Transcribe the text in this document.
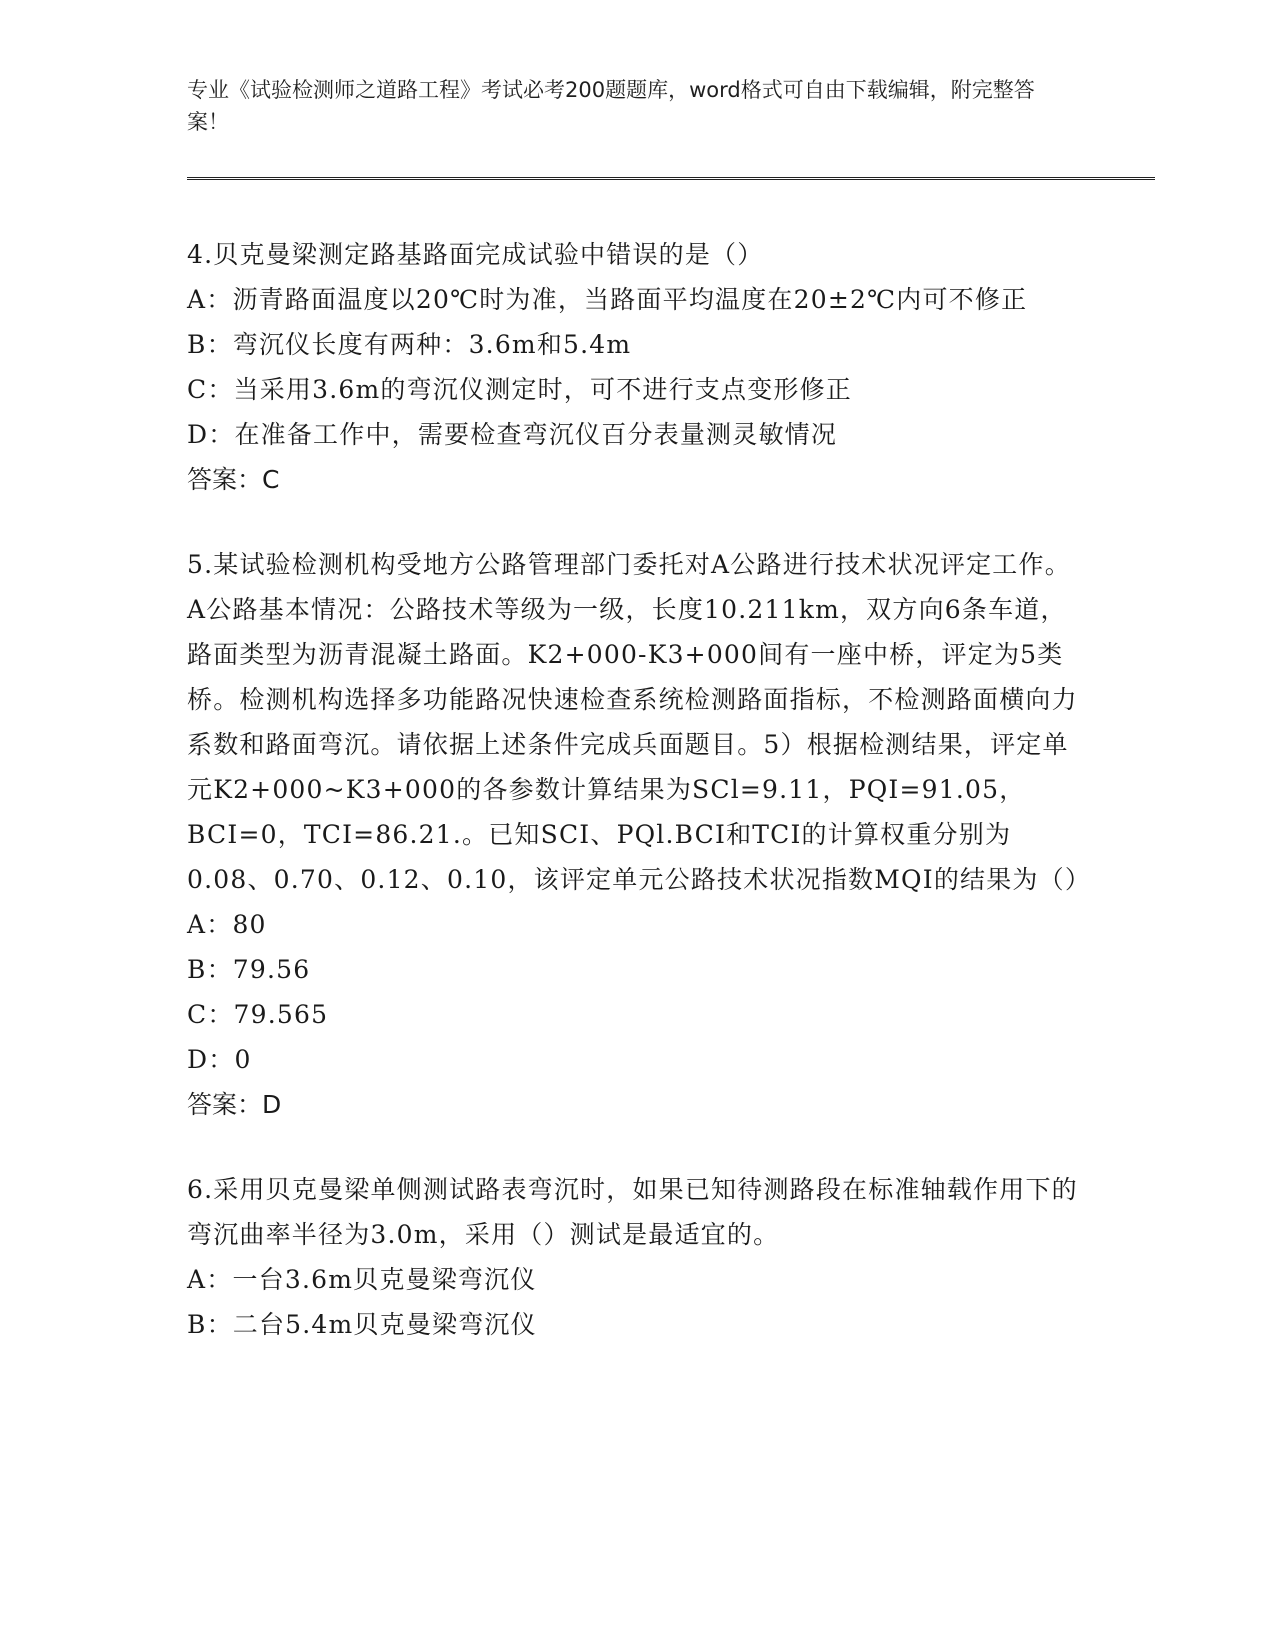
专业《试验检测师之道路工程》考试必考200题题库，word格式可自由下载编辑，附完整答案！

4.贝克曼梁测定路基路面完成试验中错误的是（）

A：沥青路面温度以20℃时为准，当路面平均温度在20±2℃内可不修正

B：弯沉仪长度有两种：3.6m和5.4m

C：当采用3.6m的弯沉仪测定时，可不进行支点变形修正

D：在准备工作中，需要检查弯沉仪百分表量测灵敏情况

答案：C

5.某试验检测机构受地方公路管理部门委托对A公路进行技术状况评定工作。A公路基本情况：公路技术等级为一级，长度10.211km，双方向6条车道，路面类型为沥青混凝土路面。K2+000-K3+000间有一座中桥，评定为5类桥。检测机构选择多功能路况快速检查系统检测路面指标，不检测路面横向力系数和路面弯沉。请依据上述条件完成兵面题目。5）根据检测结果，评定单元K2+000~K3+000的各参数计算结果为SCl=9.11，PQI=91.05，BCI=0，TCI=86.21.。已知SCI、PQl.BCI和TCI的计算权重分别为0.08、0.70、0.12、0.10，该评定单元公路技术状况指数MQI的结果为（）

A：80

B：79.56

C：79.565

D：0

答案：D

6.采用贝克曼梁单侧测试路表弯沉时，如果已知待测路段在标准轴载作用下的弯沉曲率半径为3.0m，采用（）测试是最适宜的。

A：一台3.6m贝克曼梁弯沉仪

B：二台5.4m贝克曼梁弯沉仪
